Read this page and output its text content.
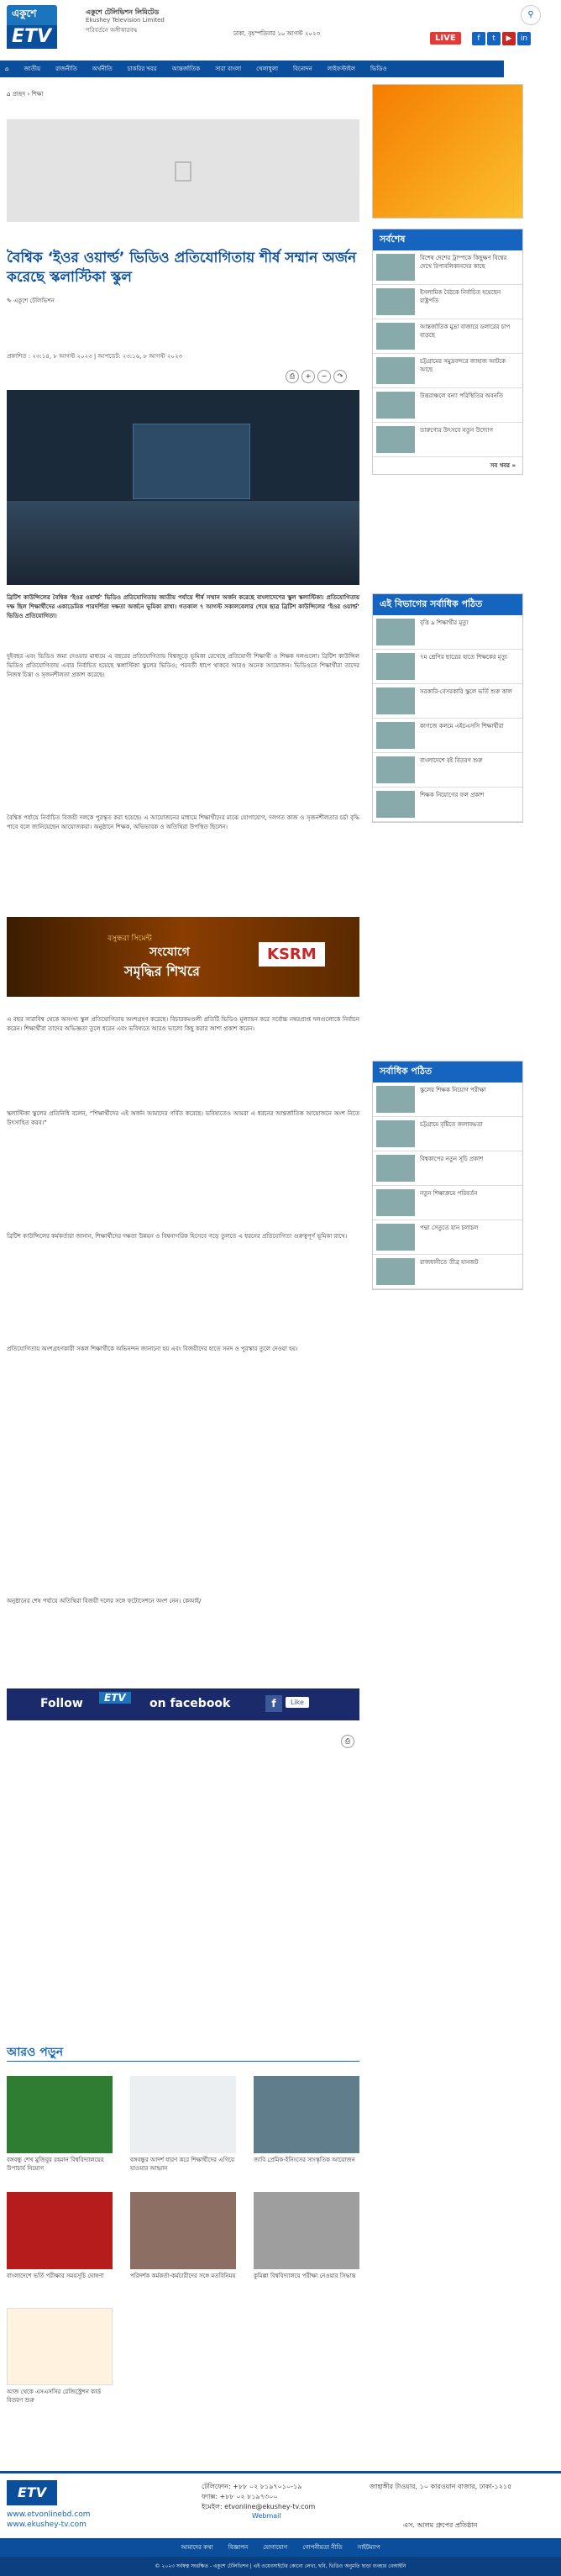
একুশে
ETV
একুশে টেলিভিশন লিমিটেড
Ekushey Television Limited
পরিবর্তনে অঙ্গীকারবদ্ধ	ঢাকা, বৃহস্পতিবার ১০ আগস্ট ২০২৩	LIVE	f	t	▶	in
⚲
⌂	জাতীয়	রাজনীতি	অর্থনীতি	চাকরির খবর	আন্তর্জাতিক	সারা বাংলা	খেলাধুলা	বিনোদন	লাইফস্টাইল	ভিডিও
⌂ প্রচ্ছদ › শিক্ষা
বৈশ্বিক ‘ইওর ওয়ার্ল্ড’ ভিডিও প্রতিযোগিতায় শীর্ষ সম্মান অর্জন করেছে স্কলাস্টিকা স্কুল
✎ একুশে টেলিভিশন
প্রকাশিত : ২৩:১৪, ৮ আগস্ট ২০২৩ | আপডেট: ২৩:১৬, ৮ আগস্ট ২০২৩
⎙	+	−	↷
ব্রিটিশ কাউন্সিলের বৈশ্বিক ‘ইওর ওয়ার্ল্ড’ ভিডিও প্রতিযোগিতায় জাতীয় পর্যায়ে শীর্ষ সম্মান অর্জন করেছে বাংলাদেশের স্কুল স্কলাস্টিকা। প্রতিযোগিতায় দক্ষ ছিল শিক্ষার্থীদের একাডেমিক পারদর্শিতা দক্ষতা অর্জনে ভূমিকা রাখা। গতকাল ৭ আগস্ট সকালবেলার শেষে ছাত্র ব্রিটিশ কাউন্সিলের ‘ইওর ওয়ার্ল্ড’ ভিডিও প্রতিযোগিতা।
দুইবছর এবং ভিডিও জমা দেওয়ার মাধ্যমে এ বছরের প্রতিযোগিতায় বিশ্বজুড়ে ভূমিকা রেখেছে প্রতিযোগী শিক্ষার্থী ও শিক্ষক দলগুলো। ব্রিটিশ কাউন্সিল ভিডিও প্রতিযোগিতায় এবার নির্বাচিত হয়েছে স্কলাস্টিকা স্কুলের ভিডিও; পরবর্তী ধাপে থাকবে আরও অনেক আয়োজন। ভিডিওতে শিক্ষার্থীরা তাদের নিজস্ব চিন্তা ও সৃজনশীলতা প্রকাশ করেছে।
বৈশ্বিক পর্যায়ে নির্বাচিত বিজয়ী দলকে পুরস্কৃত করা হয়েছে। এ আয়োজনের মাধ্যমে শিক্ষার্থীদের মাঝে যোগাযোগ, দলগত কাজ ও সৃজনশীলতার চর্চা বৃদ্ধি পাবে বলে জানিয়েছেন আয়োজকরা। অনুষ্ঠানে শিক্ষক, অভিভাবক ও অতিথিরা উপস্থিত ছিলেন।
বসুন্ধরা সিমেন্ট
সংযোগে
সমৃদ্ধির শিখরে
KSRM
এ বছর সারাবিশ্ব থেকে অসংখ্য স্কুল প্রতিযোগিতায় অংশগ্রহণ করেছে। বিচারকমণ্ডলী প্রতিটি ভিডিও মূল্যায়ন করে সর্বোচ্চ নম্বরপ্রাপ্ত দলগুলোকে নির্বাচন করেন। শিক্ষার্থীরা তাদের অভিজ্ঞতা তুলে ধরেন এবং ভবিষ্যতে আরও ভালো কিছু করার আশা প্রকাশ করেন।
স্কলাস্টিকা স্কুলের প্রতিনিধি বলেন, “শিক্ষার্থীদের এই অর্জন আমাদের গর্বিত করেছে। ভবিষ্যতেও আমরা এ ধরনের আন্তর্জাতিক আয়োজনে অংশ নিতে উৎসাহিত করব।”
ব্রিটিশ কাউন্সিলের কর্মকর্তারা জানান, শিক্ষার্থীদের দক্ষতা উন্নয়ন ও বিশ্বনাগরিক হিসেবে গড়ে তুলতে এ ধরনের প্রতিযোগিতা গুরুত্বপূর্ণ ভূমিকা রাখে।
প্রতিযোগিতায় অংশগ্রহণকারী সকল শিক্ষার্থীকে অভিনন্দন জানানো হয় এবং বিজয়ীদের হাতে সনদ ও পুরস্কার তুলে দেওয়া হয়।
অনুষ্ঠানের শেষ পর্যায়ে অতিথিরা বিজয়ী দলের সঙ্গে ফটোসেশনে অংশ নেন। কেআই/
Follow	ETV	on facebook	f	Like
⎙
সর্বশেষ
বিশেষ দেশের ট্রাম্পকে কিছুক্ষণ বিশ্বের দেখে রিপাবলিকানদের কাছে
ইসলামিক বৈঠকে নির্বাচিত হয়েছেন রাষ্ট্রপতি
আন্তর্জাতিক মুদ্রা বাজারে ডলারের চাপ বাড়ছে
চট্টগ্রামের সমুদ্রবন্দরে জাহাজ আটকে আছে
উত্তরাঞ্চলে বন্যা পরিস্থিতির অবনতি
তারুণ্যের উৎসবে নতুন উদ্যোগ
সব খবর »
এই বিভাগের সর্বাধিক পঠিত
বৃত্তি ৯ শিক্ষার্থীর মৃত্যু
৭ম শ্রেণির ছাত্রের হাতে শিক্ষকের মৃত্যু
সরকারি-বেসরকারি স্কুলে ভর্তি শুরু কাল
কাগজে কলমে এইচএসসি শিক্ষার্থীরা
বাংলাদেশে বই বিতরণ শুরু
শিক্ষক নিয়োগের ফল প্রকাশ
সর্বাধিক পঠিত
স্কুলের শিক্ষক নিয়োগ পরীক্ষা
চট্টগ্রামে বৃষ্টিতে জলাবদ্ধতা
বিশ্বকাপের নতুন সূচি প্রকাশ
নতুন শিক্ষাক্রমে পরিবর্তন
পদ্মা সেতুতে যান চলাচল
রাজধানীতে তীব্র যানজট
আরও পড়ুন
বঙ্গবন্ধু শেখ মুজিবুর রহমান বিশ্ববিদ্যালয়ের উপাচার্য নিয়োগ
বঙ্গবন্ধুর আদর্শ ধারণ করে শিক্ষার্থীদের এগিয়ে যাওয়ার আহ্বান
জাবি প্রেমিক-ইনিংসের সাংস্কৃতিক আয়োজন
বাংলাদেশে ভর্তি পরীক্ষার সময়সূচি ঘোষণা	পরিদর্শক কর্মকর্তা-কর্মচারীদের সঙ্গে মতবিনিময়	কুমিল্লা বিশ্ববিদ্যালয়ে পরীক্ষা নেওয়ার সিদ্ধান্ত
আজ থেকে এসএসসির রেজিস্ট্রেশন কার্ড বিতরণ শুরু
ETV
www.etvonlinebd.com
www.ekushey-tv.com
টেলিফোন: +৮৮ ০২ ৮১৯৭০১০-১৯
ফ্যাক্স: +৮৮ ০২ ৮১৯৭৩০০
ইমেইল: etvonline@ekushey-tv.com
Webmail
জাহাঙ্গীর টাওয়ার, ১০ কারওয়ান বাজার, ঢাকা-১২১৫
এস. আলম গ্রুপের প্রতিষ্ঠান
আমাদের কথা	বিজ্ঞাপন	যোগাযোগ	গোপনীয়তা নীতি	সাইটম্যাপ
© ২০২৩ সর্বস্বত্ব সংরক্ষিত - একুশে টেলিভিশন | এই ওয়েবসাইটের কোনো লেখা, ছবি, ভিডিও অনুমতি ছাড়া ব্যবহার বেআইনি
